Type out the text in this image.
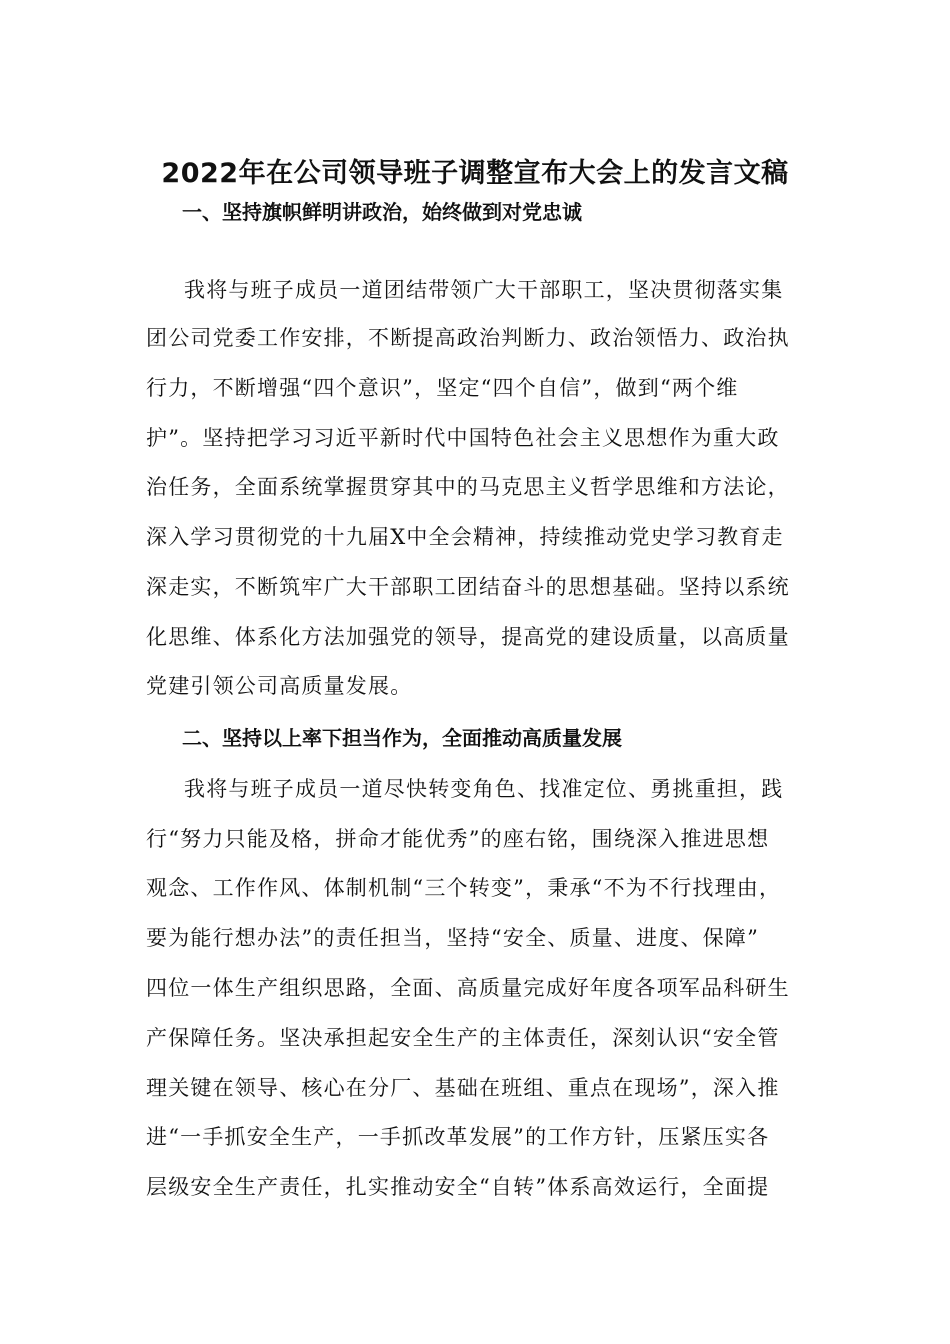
2022年在公司领导班子调整宣布大会上的发言文稿
一、坚持旗帜鲜明讲政治，始终做到对党忠诚
我将与班子成员一道团结带领广大干部职工，坚决贯彻落实集
团公司党委工作安排，不断提高政治判断力、政治领悟力、政治执
行力，不断增强“四个意识”，坚定“四个自信”，做到“两个维
护”。坚持把学习习近平新时代中国特色社会主义思想作为重大政
治任务，全面系统掌握贯穿其中的马克思主义哲学思维和方法论，
深入学习贯彻党的十九届X中全会精神，持续推动党史学习教育走
深走实，不断筑牢广大干部职工团结奋斗的思想基础。坚持以系统
化思维、体系化方法加强党的领导，提高党的建设质量，以高质量
党建引领公司高质量发展。
二、坚持以上率下担当作为，全面推动高质量发展
我将与班子成员一道尽快转变角色、找准定位、勇挑重担，践
行“努力只能及格，拼命才能优秀”的座右铭，围绕深入推进思想
观念、工作作风、体制机制“三个转变”，秉承“不为不行找理由，
要为能行想办法”的责任担当，坚持“安全、质量、进度、保障”
四位一体生产组织思路，全面、高质量完成好年度各项军品科研生
产保障任务。坚决承担起安全生产的主体责任，深刻认识“安全管
理关键在领导、核心在分厂、基础在班组、重点在现场”，深入推
进“一手抓安全生产，一手抓改革发展”的工作方针，压紧压实各
层级安全生产责任，扎实推动安全“自转”体系高效运行，全面提
